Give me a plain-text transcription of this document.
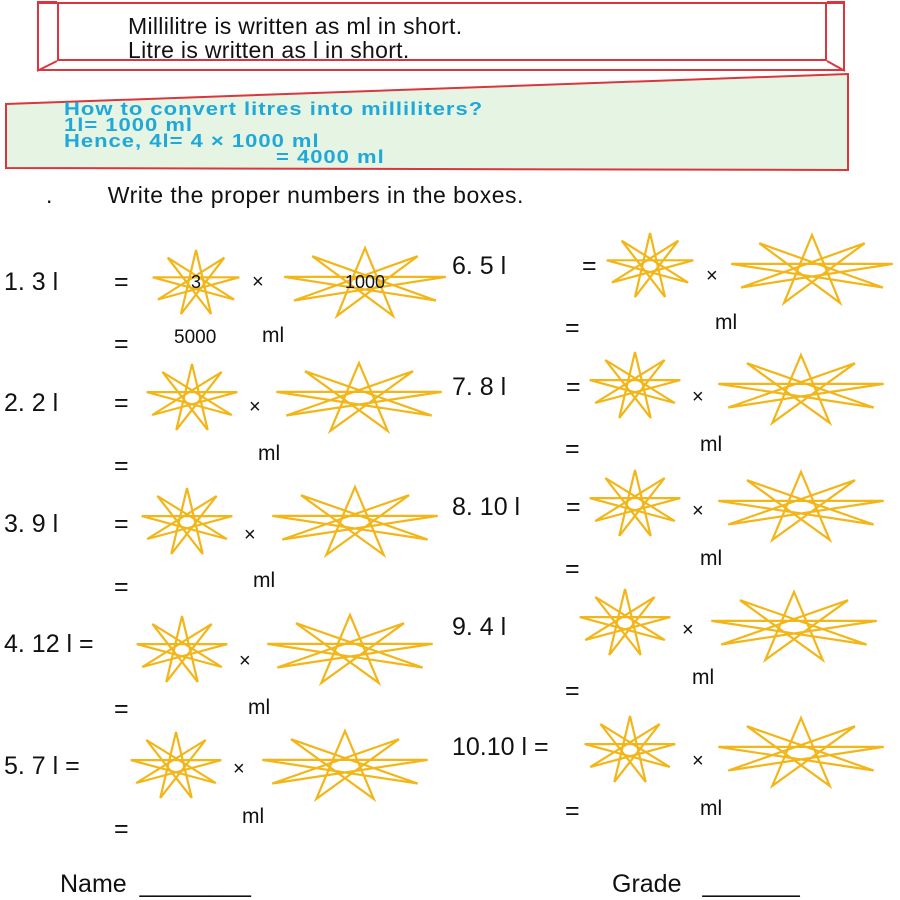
Millilitre is written as ml in short.
Litre is written as l in short.
How to convert litres into milliliters?
1l= 1000 ml
Hence, 4l= 4 × 1000 ml
= 4000 ml
. Write the proper numbers in the boxes.
1. 3 l =	3	×	1000
= 5000 ml
2. 2 l =	×
=	ml
3. 9 l =	×
=	ml
4. 12 l =
×
=	ml
5. 7 l =	×
=	ml
6. 5 l	=	×
=	ml
7. 8 l =	×
=	ml
8. 10 l =	×
=	ml
9. 4 l	×
=	ml
10.10 l =	×
=	ml
Name ________	Grade _______
